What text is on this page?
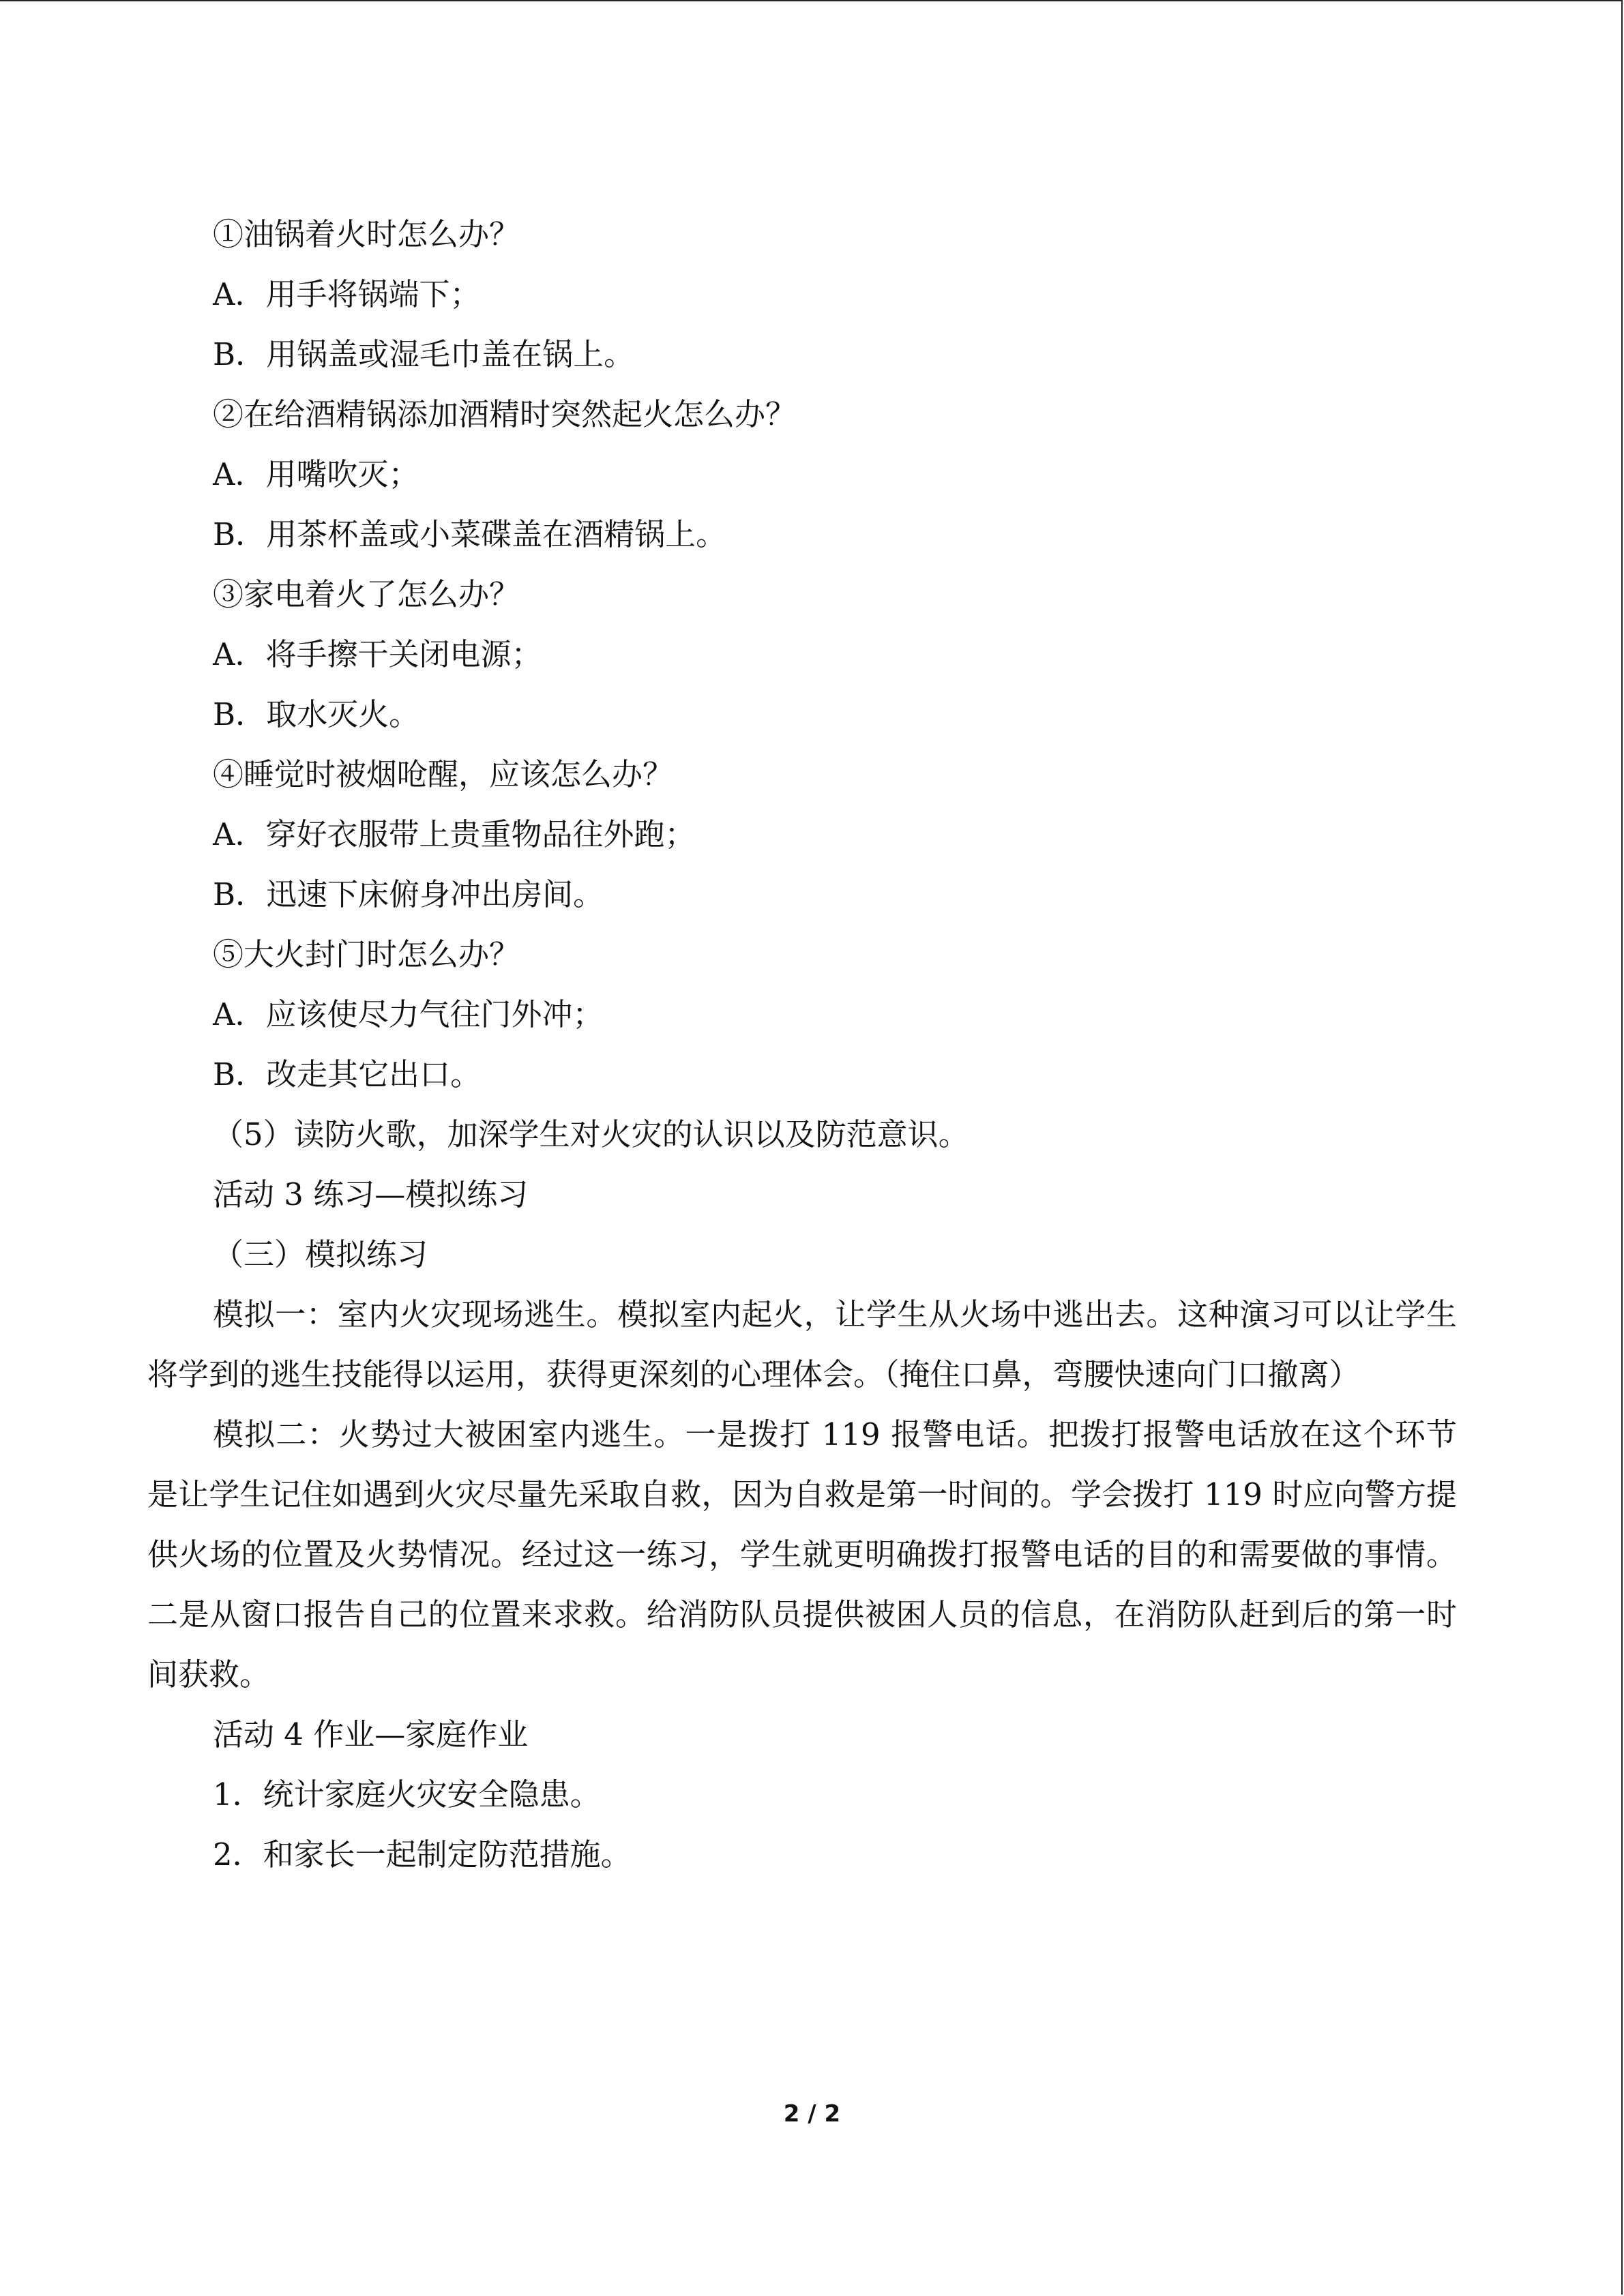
①油锅着火时怎么办？
A．用手将锅端下；
B．用锅盖或湿毛巾盖在锅上。
②在给酒精锅添加酒精时突然起火怎么办？
A．用嘴吹灭；
B．用茶杯盖或小菜碟盖在酒精锅上。
③家电着火了怎么办？
A．将手擦干关闭电源；
B．取水灭火。
④睡觉时被烟呛醒，应该怎么办？
A．穿好衣服带上贵重物品往外跑；
B．迅速下床俯身冲出房间。
⑤大火封门时怎么办？
A．应该使尽力气往门外冲；
B．改走其它出口。
（5）读防火歌，加深学生对火灾的认识以及防范意识。
活动 3 练习—模拟练习
（三）模拟练习

模拟一：室内火灾现场逃生。模拟室内起火，让学生从火场中逃出去。这种演习可以让学生将学到的逃生技能得以运用，获得更深刻的心理体会。（掩住口鼻，弯腰快速向门口撤离）

模拟二：火势过大被困室内逃生。一是拨打 119 报警电话。把拨打报警电话放在这个环节是让学生记住如遇到火灾尽量先采取自救，因为自救是第一时间的。学会拨打 119 时应向警方提供火场的位置及火势情况。经过这一练习，学生就更明确拨打报警电话的目的和需要做的事情。二是从窗口报告自己的位置来求救。给消防队员提供被困人员的信息，在消防队赶到后的第一时间获救。

活动 4 作业—家庭作业
1．统计家庭火灾安全隐患。
2．和家长一起制定防范措施。
2 / 2
